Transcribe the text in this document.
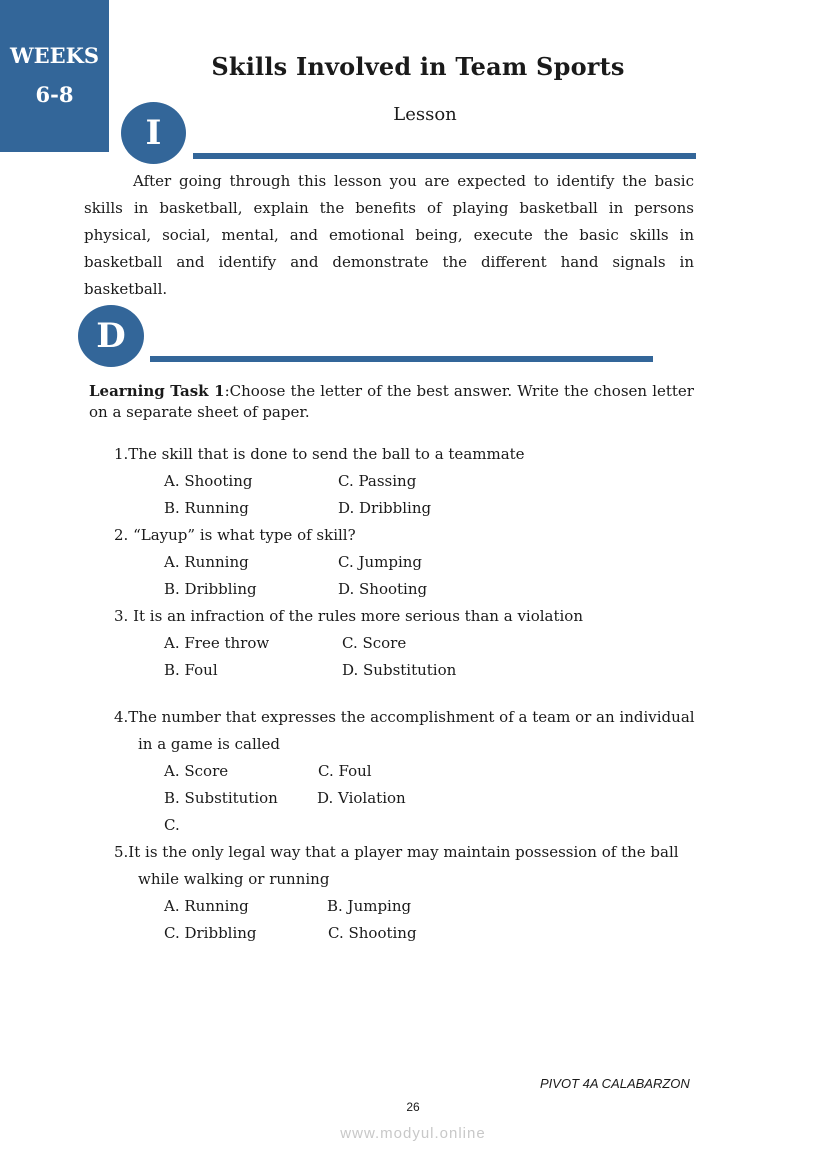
WEEKS
6-8
Skills Involved in Team Sports
Lesson
I
After going through this lesson you are expected to identify the basic skills in basketball, explain the benefits of playing basketball in persons physical, social, mental, and emotional being, execute the basic skills in basketball and identify and demonstrate the different hand signals in basketball.
D
Learning Task 1:Choose the letter of the best answer. Write the chosen letter on a separate sheet of paper.
1.The skill that is done to send the ball to a teammate
A. Shooting	C. Passing
B. Running	D. Dribbling
2. “Layup” is what type of skill?
A. Running	C. Jumping
B. Dribbling	D. Shooting
3. It is an infraction of the rules more serious than a violation
A. Free throw	C. Score
B. Foul	D. Substitution
4.The number that expresses the accomplishment of a team or an individual
in a game is called
A. Score	C. Foul
B. Substitution	D. Violation
C.
5.It is the only legal way that a player may maintain possession of the ball
while walking or running
A. Running	B. Jumping
C. Dribbling	C. Shooting
PIVOT 4A CALABARZON
26
www.modyul.online
